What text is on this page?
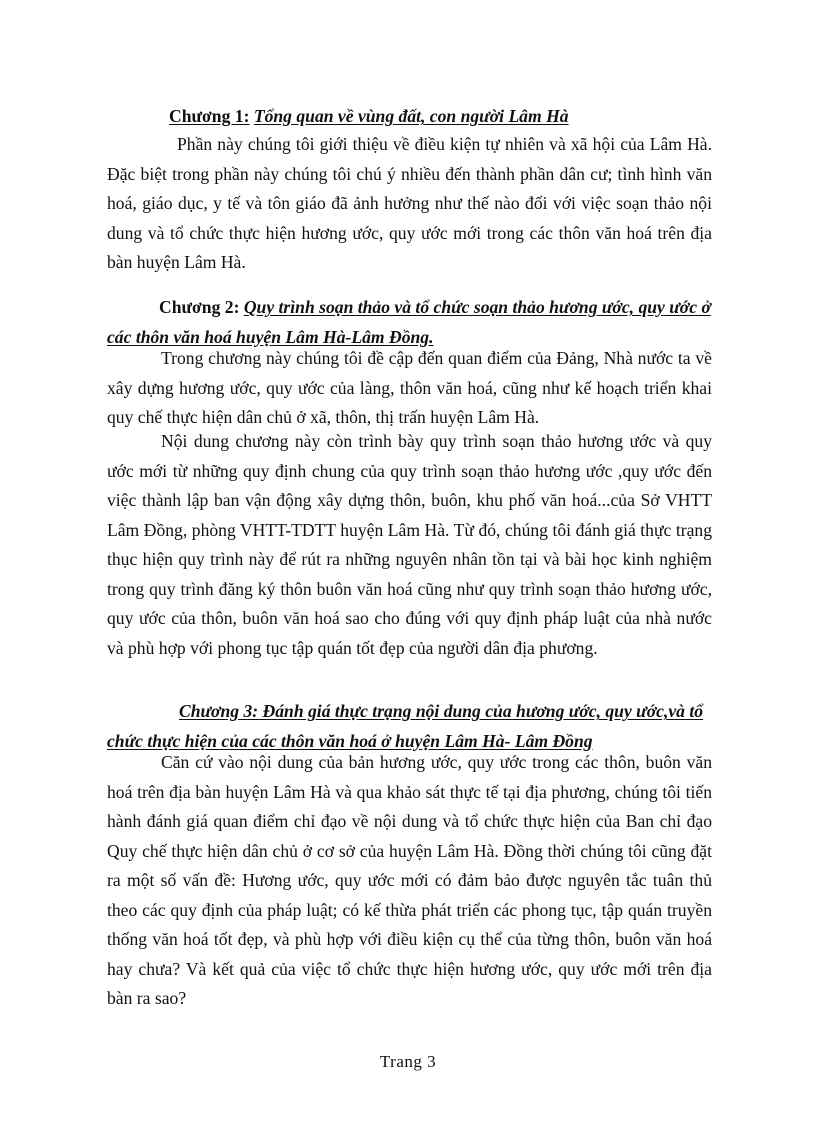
Chương 1: Tổng quan về vùng đất, con người Lâm Hà
Phần này chúng tôi giới thiệu về điều kiện tự nhiên và xã hội của Lâm Hà. Đặc biệt trong phần này chúng tôi chú ý nhiều đến thành phần dân cư; tình hình văn hoá, giáo dục, y tế và tôn giáo đã ảnh hưởng như thế nào đối với việc soạn thảo nội dung và tổ chức thực hiện hương ước, quy ước mới trong các thôn văn hoá trên địa bàn huyện Lâm Hà.
Chương 2: Quy trình soạn thảo và tổ chức soạn thảo hương ước, quy ước ở các thôn văn hoá huyện Lâm Hà-Lâm Đồng.
Trong chương này chúng tôi đề cập đến quan điểm của Đảng, Nhà nước ta về xây dựng hương ước, quy ước của làng, thôn văn hoá, cũng như kế hoạch triển khai quy chế thực hiện dân chủ ở xã, thôn, thị trấn huyện Lâm Hà.
Nội dung chương này còn trình bày quy trình soạn thảo hương ước và quy ước mới từ những quy định chung của quy trình soạn thảo hương ước ,quy ước đến việc thành lập ban vận động xây dựng thôn, buôn, khu phố văn hoá...của Sở VHTT Lâm Đồng, phòng VHTT-TDTT huyện Lâm Hà. Từ đó, chúng tôi đánh giá thực trạng thục hiện quy trình này để rút ra những nguyên nhân tồn tại và bài học kinh nghiệm trong quy trình đăng ký thôn buôn văn hoá cũng như quy trình soạn thảo hương ước, quy ước của thôn, buôn văn hoá sao cho đúng với quy định pháp luật của nhà nước và phù hợp với phong tục tập quán tốt đẹp của người dân địa phương.
Chương 3: Đánh giá thực trạng nội dung của hương ước, quy ước,và tổ chức thực hiện của các thôn văn hoá ở huyện Lâm Hà- Lâm Đồng
Căn cứ vào nội dung của bản hương ước, quy ước trong các thôn, buôn văn hoá trên địa bàn huyện Lâm Hà và qua khảo sát thực tế tại địa phương, chúng tôi tiến hành đánh giá quan điểm chỉ đạo về nội dung và tổ chức thực hiện của Ban chỉ đạo Quy chế thực hiện dân chủ ở cơ sở của huyện Lâm Hà. Đồng thời chúng tôi cũng đặt ra một số vấn đề: Hương ước, quy ước mới có đảm bảo được nguyên tắc tuân thủ theo các quy định của pháp luật; có kế thừa phát triển các phong tục, tập quán truyền thống văn hoá tốt đẹp, và phù hợp với điều kiện cụ thể của từng thôn, buôn văn hoá hay chưa? Và kết quả của việc tổ chức thực hiện hương ước, quy ước mới trên địa bàn ra sao?
Trang 3
